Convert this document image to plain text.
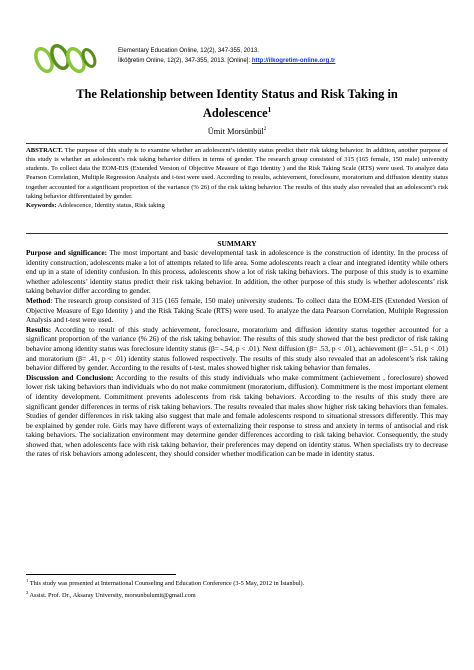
Elementary Education Online, 12(2), 347-355, 2013.
İlköğretim Online, 12(2), 347-355, 2013. [Online]: http://ilkogretim-online.org.tr
The Relationship between Identity Status and Risk Taking in
Adolescence$^1$
Ümit Morsünbül$^2$
ABSTRACT. The purpose of this study is to examine whether an adolescent’s identity status predict their risk taking behavior. In addition, another purpose of this study is whether an adolescent’s risk taking behavior differs in terms of gender. The research group consisted of 315 (165 female, 150 male) university students. To collect data the EOM-EIS (Extended Version of Objective Measure of Ego Identity ) and the Risk Taking Scale (RTS) were used. To analyze data Pearson Correlation, Multiple Regression Analysis and t-test were used. According to results, achievement, foreclosure, moratorium and diffusion identity status together accounted for a significant proportion of the variance (% 26) of the risk taking behavior. The results of this study also revealed that an adolescent’s risk taking behavior differentiated by gender.
Keywords: Adolescence, Identity status, Risk taking
SUMMARY
Purpose and significance: The most important and basic developmental task in adolescence is the construction of identity. In the process of identity construction, adolescents make a lot of attempts related to life area. Some adolescents reach a clear and integrated identity while others end up in a state of identity confusion. In this process, adolescents show a lot of risk taking behaviors. The purpose of this study is to examine whether adolescents’ identity status predict their risk taking behavior. In addition, the other purpose of this study is whether adolescents’ risk taking behavior differ according to gender.
Method: The research group consisted of 315 (165 female, 150 male) university students. To collect data the EOM-EIS (Extended Version of Objective Measure of Ego Identity ) and the Risk Taking Scale (RTS) were used. To analyze the data Pearson Correlation, Multiple Regression Analysis and t-test were used.
Results: According to result of this study achievement, foreclosure, moratorium and diffusion identity status together accounted for a significant proportion of the variance (% 26) of the risk taking behavior. The results of this study showed that the best predictor of risk taking behavior among identity status was foreclosure identity status (β= -.54, p < .01). Next diffusion (β= .53, p < .01), achievement (β= -.51, p < .01) and moratorium (β= .41, p < .01) identity status followed respectively. The results of this study also revealed that an adolescent’s risk taking behavior differed by gender. According to the results of t-test, males showed higher risk taking behavior than females.
Discussion and Conclusion: According to the results of this study individuals who make commitment (achievement , foreclosure) showed lower risk taking behaviors than individuals who do not make commitment (moratorium, diffusion). Commitment is the most important element of identity development. Commitment prevents adolescents from risk taking behaviors. According to the results of this study there are significant gender differences in terms of risk taking behaviors. The results revealed that males show higher risk taking behaviors than females. Studies of gender differences in risk taking also suggest that male and female adolescents respond to situational stressors differently. This may be explained by gender role. Girls may have different ways of externalizing their response to stress and anxiety in terms of antisocial and risk taking behaviors. The socialization environment may determine gender differences according to risk taking behavior. Consequently, the study showed that, when adolescents face with risk taking behavior, their preferences may depend on identity status. When specialists try to decrease the rates of risk behaviors among adolescent, they should consider whether modification can be made in identity status.
$^1$ This study was presented at International Counseling and Education Conference (3-5 May, 2012 in İstanbul).
$^2$ Assist. Prof. Dr., Aksaray University, morsunbulumit@gmail.com
